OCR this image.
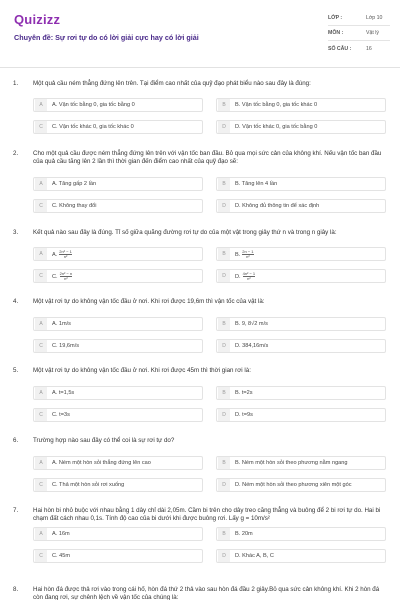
Quizizz
Chuyên đề: Sự rơi tự do có lời giải cực hay có lời giải
LỚP :	Lớp 10
MÔN :	Vật lý
SỐ CÂU :	16
1. Một quả cầu ném thẳng đứng lên trên. Tại điểm cao nhất của quỹ đạo phát biểu nào sau đây là đúng:
A	A. Vận tốc bằng 0, gia tốc bằng 0	B	B. Vận tốc bằng 0, gia tốc khác 0
C	C. Vận tốc khác 0, gia tốc khác 0	D	D. Vận tốc khác 0, gia tốc bằng 0
2. Cho một quả cầu được ném thẳng đứng lên trên với vận tốc ban đầu. Bỏ qua mọi sức cản của không khí. Nếu vận tốc ban đầu của quả cầu tăng lên 2 lần thì thời gian đến điểm cao nhất của quỹ đạo sẽ:
A	A. Tăng gấp 2 lần	B	B. Tăng lên 4 lần
C	C. Không thay đổi	D	D. Không đủ thông tin để xác định
3. Kết quả nào sau đây là đúng. Tỉ số giữa quãng đường rơi tự do của một vật trong giây thứ n và trong n giây là:
A	A. $\frac{\text{2n² − 1}}{\text{n²}}$	B	B. $\frac{2n - 1}{\text{n²}}$
C	C. $\frac{\text{2n² − n}}{\text{n²}}$	D	D. $\frac{\text{4n² − 1}}{\text{n²}}$
4. Một vật rơi tự do không vận tốc đầu ở nơi. Khi rơi được 19,6m thì vận tốc của vật là:
A	A. 1m/s	B	B. 9, 8√2 m/s
C	C. 19,6m/s	D	D. 384,16m/s
5. Một vật rơi tự do không vận tốc đầu ở nơi. Khi rơi được 45m thì thời gian rơi là:
A	A. t=1,5s	B	B. t=2s
C	C. t=3s	D	D. t=9s
6. Trường hợp nào sau đây có thể coi là sự rơi tự do?
A	A. Ném một hòn sỏi thẳng đứng lên cao	B	B. Ném một hòn sỏi theo phương nằm ngang
C	C. Thả một hòn sỏi rơi xuống	D	D. Ném một hòn sỏi theo phương xiên một góc
7. Hai hòn bi nhỏ buộc với nhau bằng 1 dây chỉ dài 2,05m. Cầm bi trên cho dây treo căng thẳng và buông để 2 bi rơi tự do. Hai bi chạm đất cách nhau 0,1s. Tính độ cao của bi dưới khi được buông rơi. Lấy g = 10m/s²
A	A. 16m	B	B. 20m
C	C. 45m	D	D. Khác A, B, C
8. Hai hòn đá được thả rơi vào trong cái hố, hòn đá thứ 2 thả vào sau hòn đá đầu 2 giây.Bỏ qua sức cản không khí. Khi 2 hòn đá còn đang rơi, sự chênh lệch về vận tốc của chúng là:
